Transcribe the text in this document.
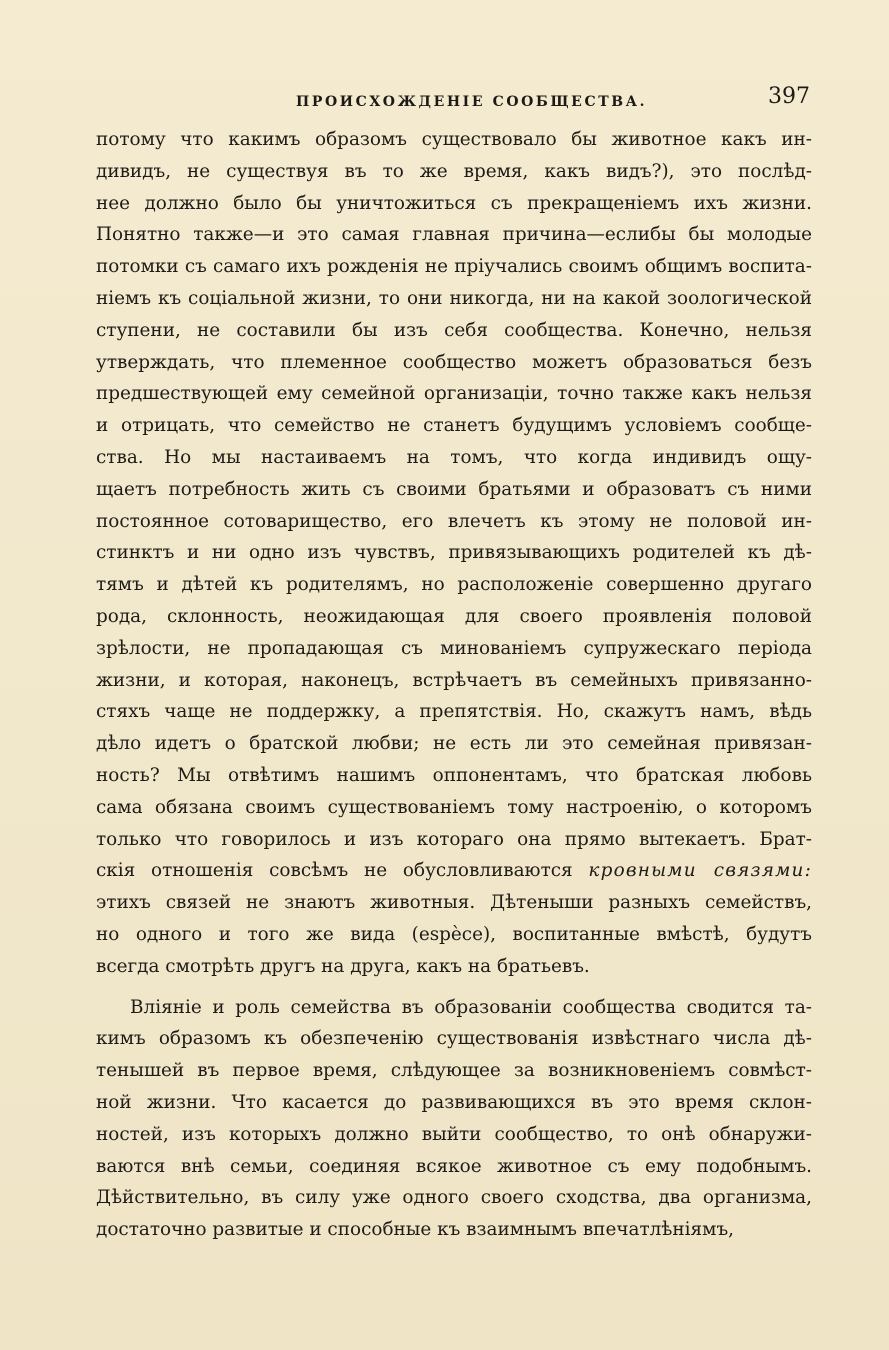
ПРОИСХОЖДЕНІЕ СООБЩЕСТВА.	397
потому что какимъ образомъ существовало бы животное какъ ин-
дивидъ, не существуя въ то же время, какъ видъ?), это послѣд-
нее должно было бы уничтожиться съ прекращеніемъ ихъ жизни.
Понятно также—и это самая главная причина—еслибы бы молодые
потомки съ самаго ихъ рожденія не пріучались своимъ общимъ воспита-
ніемъ къ соціальной жизни, то они никогда, ни на какой зоологической
ступени, не составили бы изъ себя сообщества. Конечно, нельзя
утверждать, что племенное сообщество можетъ образоваться безъ
предшествующей ему семейной организаціи, точно также какъ нельзя
и отрицать, что семейство не станетъ будущимъ условіемъ сообще-
ства. Но мы настаиваемъ на томъ, что когда индивидъ ощу-
щаетъ потребность жить съ своими братьями и образоватъ съ ними
постоянное сотоварищество, его влечетъ къ этому не половой ин-
стинктъ и ни одно изъ чувствъ, привязывающихъ родителей къ дѣ-
тямъ и дѣтей къ родителямъ, но расположеніе совершенно другаго
рода, склонность, неожидающая для своего проявленія половой
зрѣлости, не пропадающая съ минованіемъ супружескаго періода
жизни, и которая, наконецъ, встрѣчаетъ въ семейныхъ привязанно-
стяхъ чаще не поддержку, а препятствія. Но, скажутъ намъ, вѣдь
дѣло идетъ о братской любви; не есть ли это семейная привязан-
ность? Мы отвѣтимъ нашимъ оппонентамъ, что братская любовь
сама обязана своимъ существованіемъ тому настроенію, о которомъ
только что говорилось и изъ котораго она прямо вытекаетъ. Брат-
скія отношенія совсѣмъ не обусловливаются кровными связями:
этихъ связей не знаютъ животныя. Дѣтеныши разныхъ семействъ,
но одного и того же вида (espèce), воспитанные вмѣстѣ, будутъ
всегда смотрѣть другъ на друга, какъ на братьевъ.
Вліяніе и роль семейства въ образованіи сообщества сводится та-
кимъ образомъ къ обезпеченію существованія извѣстнаго числа дѣ-
тенышей въ первое время, слѣдующее за возникновеніемъ совмѣст-
ной жизни. Что касается до развивающихся въ это время склон-
ностей, изъ которыхъ должно выйти сообщество, то онѣ обнаружи-
ваются внѣ семьи, соединяя всякое животное съ ему подобнымъ.
Дѣйствительно, въ силу уже одного своего сходства, два организма,
достаточно развитые и способные къ взаимнымъ впечатлѣніямъ,
